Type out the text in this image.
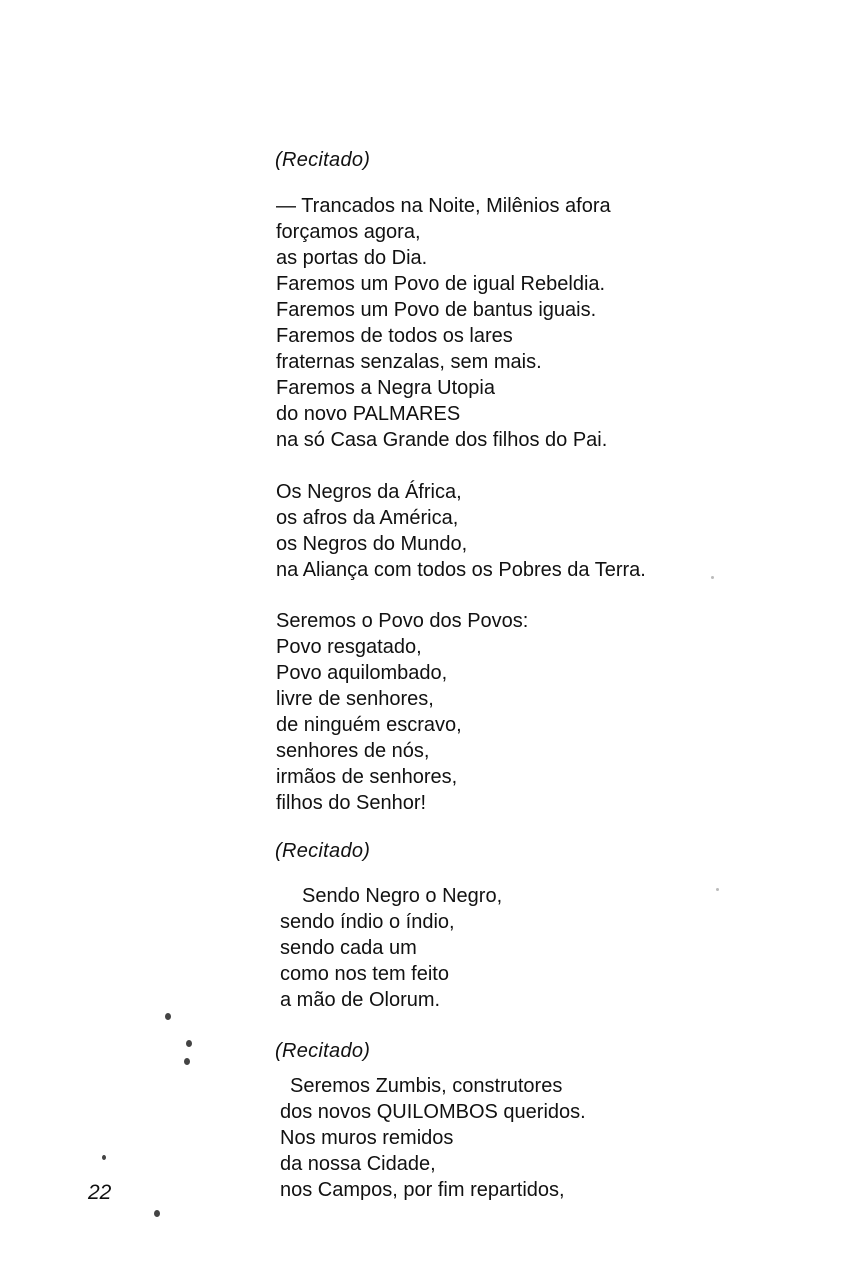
(Recitado)

— Trancados na Noite, Milênios afora
forçamos agora,
as portas do Dia.
Faremos um Povo de igual Rebeldia.
Faremos um Povo de bantus iguais.
Faremos de todos os lares
fraternas senzalas, sem mais.
Faremos a Negra Utopia
do novo PALMARES
na só Casa Grande dos filhos do Pai.
Os Negros da África,
os afros da América,
os Negros do Mundo,
na Aliança com todos os Pobres da Terra.
Seremos o Povo dos Povos:
Povo resgatado,
Povo aquilombado,
livre de senhores,
de ninguém escravo,
senhores de nós,
irmãos de senhores,
filhos do Senhor!

(Recitado)

Sendo Negro o Negro,
sendo índio o índio,
sendo cada um
como nos tem feito
a mão de Olorum.

(Recitado)

Seremos Zumbis, construtores
dos novos QUILOMBOS queridos.
Nos muros remidos
da nossa Cidade,
nos Campos, por fim repartidos,
22
